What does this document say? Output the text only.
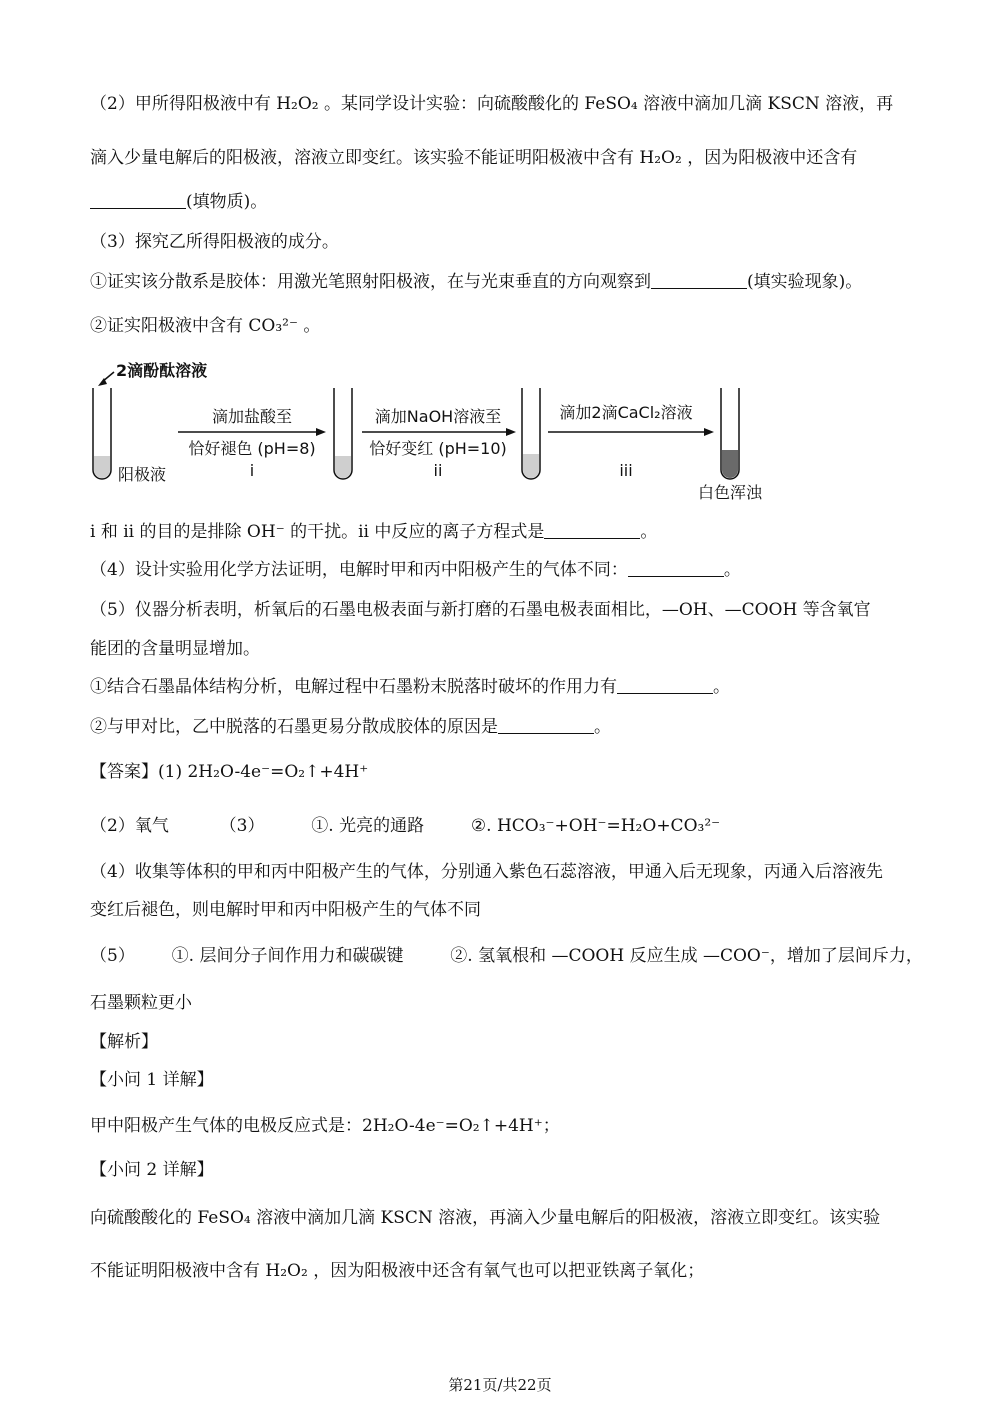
（2）甲所得阳极液中有 H₂O₂ 。某同学设计实验：向硫酸酸化的 FeSO₄ 溶液中滴加几滴 KSCN 溶液，再
滴入少量电解后的阳极液，溶液立即变红。该实验不能证明阳极液中含有 H₂O₂ ，因为阳极液中还含有
(填物质)。
（3）探究乙所得阳极液的成分。
①证实该分散系是胶体：用激光笔照射阳极液，在与光束垂直的方向观察到	(填实验现象)。
②证实阳极液中含有 CO₃²⁻ 。
2滴酚酞溶液
阳极液
滴加盐酸至
恰好褪色 (pH=8)
i
滴加NaOH溶液至
恰好变红 (pH=10)
ii
滴加2滴CaCl₂溶液
iii
白色浑浊
i 和 ii 的目的是排除 OH⁻ 的干扰。ii 中反应的离子方程式是	。
（4）设计实验用化学方法证明，电解时甲和丙中阳极产生的气体不同：	。
（5）仪器分析表明，析氧后的石墨电极表面与新打磨的石墨电极表面相比，—OH、—COOH 等含氧官
能团的含量明显增加。
①结合石墨晶体结构分析，电解过程中石墨粉末脱落时破坏的作用力有	。
②与甲对比，乙中脱落的石墨更易分散成胶体的原因是	。
【答案】(1) 2H₂O-4e⁻=O₂↑+4H⁺
（2）氧气	（3）	①. 光亮的通路	②. HCO₃⁻+OH⁻=H₂O+CO₃²⁻
（4）收集等体积的甲和丙中阳极产生的气体，分别通入紫色石蕊溶液，甲通入后无现象，丙通入后溶液先
变红后褪色，则电解时甲和丙中阳极产生的气体不同
（5） ①. 层间分子间作用力和碳碳键	②. 氢氧根和 —COOH 反应生成 —COO⁻，增加了层间斥力，
石墨颗粒更小
【解析】
【小问 1 详解】
甲中阳极产生气体的电极反应式是：2H₂O-4e⁻=O₂↑+4H⁺；
【小问 2 详解】
向硫酸酸化的 FeSO₄ 溶液中滴加几滴 KSCN 溶液，再滴入少量电解后的阳极液，溶液立即变红。该实验
不能证明阳极液中含有 H₂O₂ ，因为阳极液中还含有氧气也可以把亚铁离子氧化；
第21页/共22页
